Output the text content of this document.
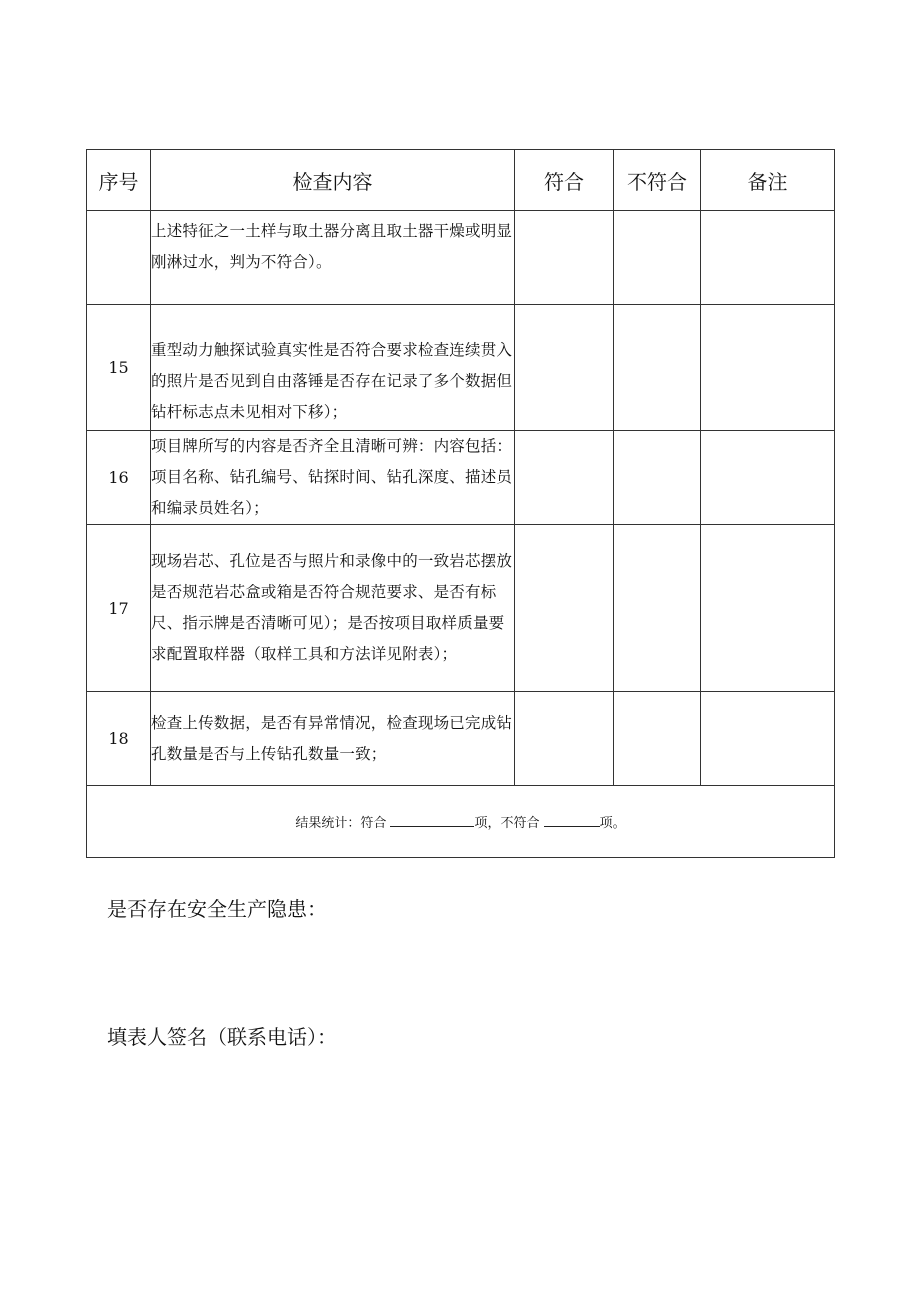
序号	检查内容	符合	不符合	备注
	上述特征之一土样与取土器分离且取土器干燥或明显刚淋过水，判为不符合）。			
15	重型动力触探试验真实性是否符合要求检查连续贯入的照片是否见到自由落锤是否存在记录了多个数据但钻杆标志点未见相对下移）；			
16	项目牌所写的内容是否齐全且清晰可辨：内容包括：项目名称、钻孔编号、钻探时间、钻孔深度、描述员和编录员姓名）；			
17	现场岩芯、孔位是否与照片和录像中的一致岩芯摆放是否规范岩芯盒或箱是否符合规范要求、是否有标尺、指示牌是否清晰可见）；是否按项目取样质量要求配置取样器（取样工具和方法详见附表）；			
18	检查上传数据，是否有异常情况，检查现场已完成钻孔数量是否与上传钻孔数量一致；			
结果统计：符合 项，不符合 项。				
是否存在安全生产隐患：
填表人签名（联系电话）：
